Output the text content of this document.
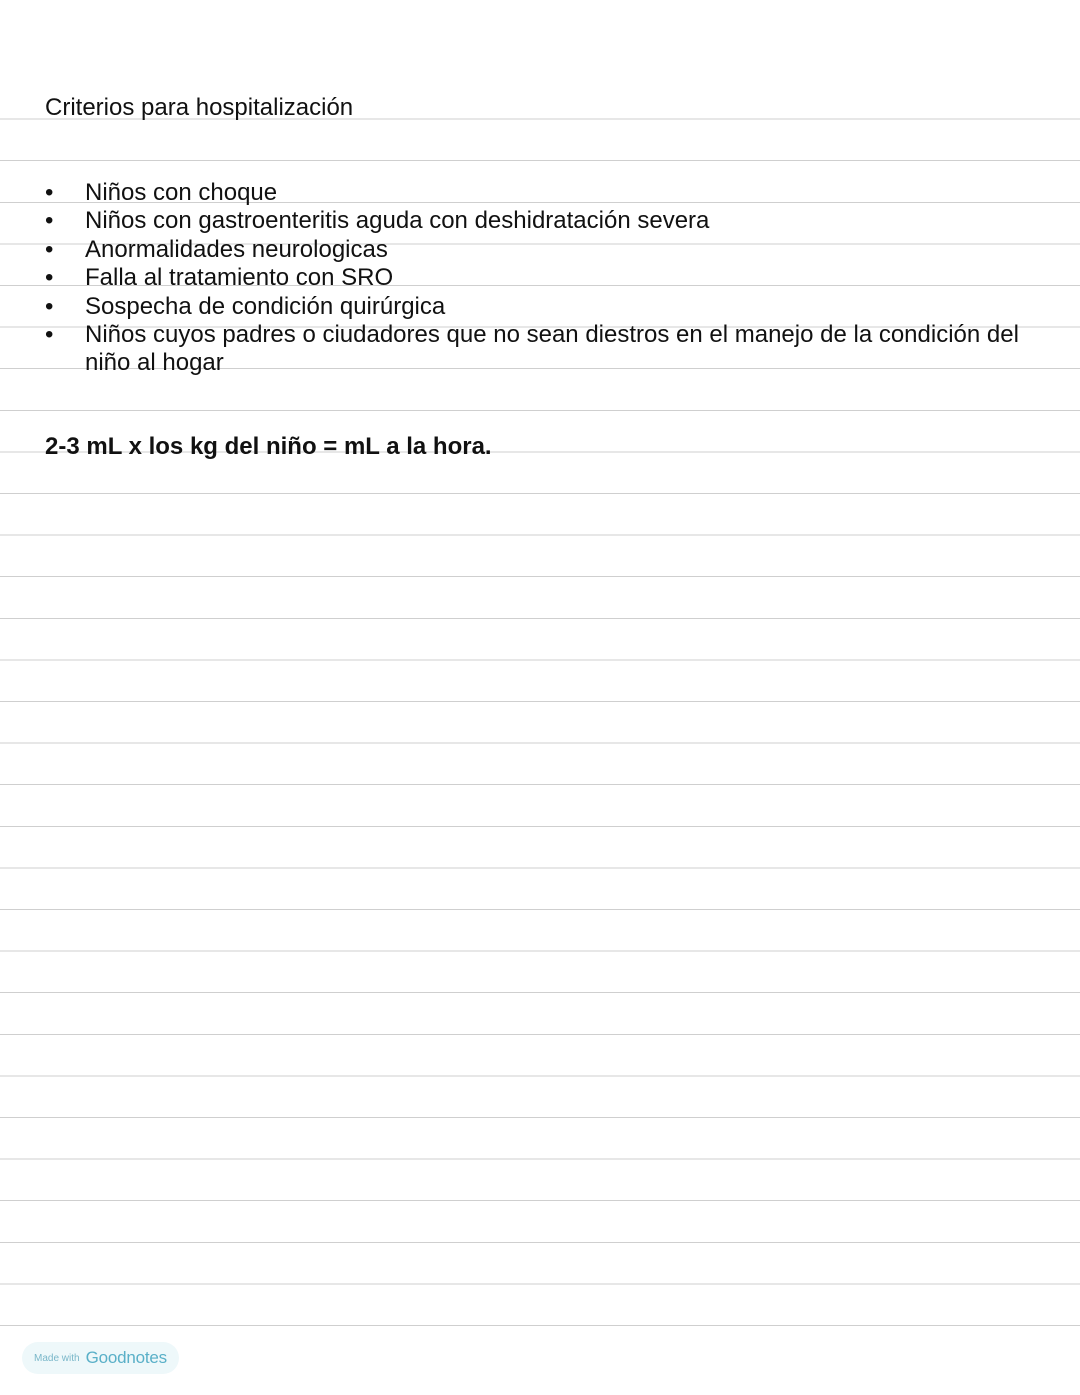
Criterios para hospitalización
• Niños con choque
• Niños con gastroenteritis aguda con deshidratación severa
• Anormalidades neurologicas
• Falla al tratamiento con SRO
• Sospecha de condición quirúrgica
• Niños cuyos padres o ciudadores que no sean diestros en el manejo de la condición del niño al hogar

2-3 mL x los kg del niño = mL a la hora.

Made with Goodnotes
